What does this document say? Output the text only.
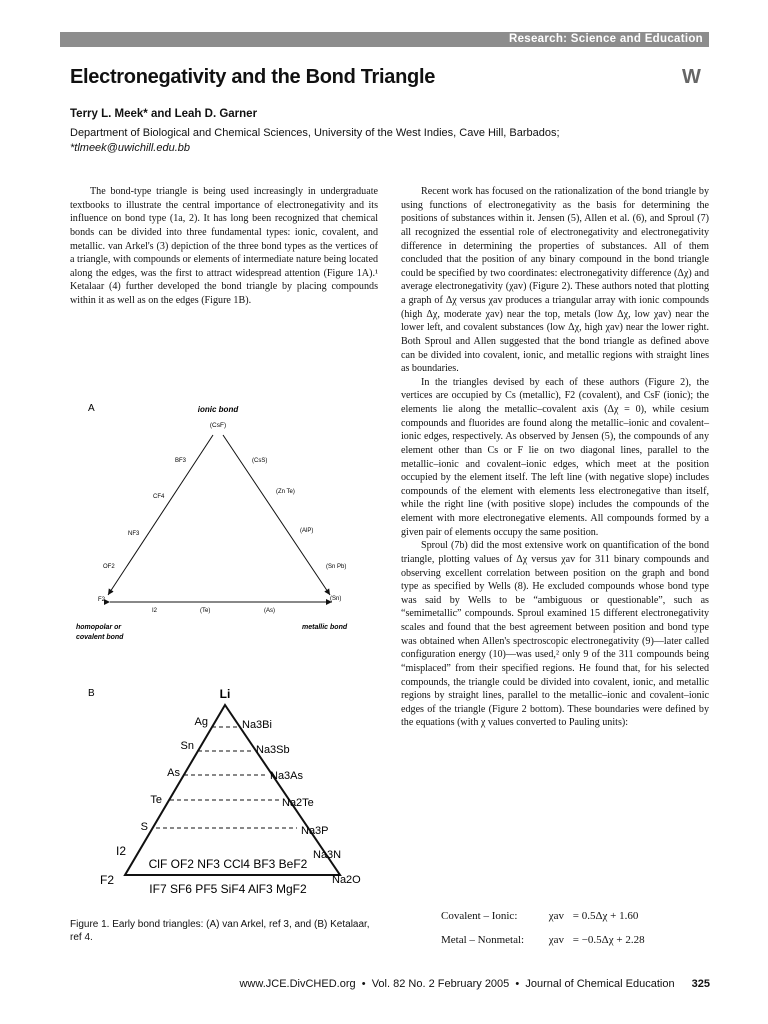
Research: Science and Education
Electronegativity and the Bond Triangle	W
Terry L. Meek* and Leah D. Garner
Department of Biological and Chemical Sciences, University of the West Indies, Cave Hill, Barbados;
*tlmeek@uwichill.edu.bb

The bond-type triangle is being used increasingly in undergraduate textbooks to illustrate the central importance of electronegativity and its influence on bond type (1a, 2). It has long been recognized that chemical bonds can be divided into three fundamental types: ionic, covalent, and metallic. van Arkel's (3) depiction of the three bond types as the vertices of a triangle, with compounds or elements of intermediate nature being located along the edges, was the first to attract widespread attention (Figure 1A).¹ Ketalaar (4) further developed the bond triangle by placing compounds within it as well as on the edges (Figure 1B).

Recent work has focused on the rationalization of the bond triangle by using functions of electronegativity as the basis for determining the positions of substances within it. Jensen (5), Allen et al. (6), and Sproul (7) all recognized the essential role of electronegativity and electronegativity difference in determining the properties of substances. All of them concluded that the position of any binary compound in the bond triangle could be specified by two coordinates: electronegativity difference (Δχ) and average electronegativity (χav) (Figure 2). These authors noted that plotting a graph of Δχ versus χav produces a triangular array with ionic compounds (high Δχ, moderate χav) near the top, metals (low Δχ, low χav) near the lower left, and covalent substances (low Δχ, high χav) near the lower right. Both Sproul and Allen suggested that the bond triangle as defined above can be divided into covalent, ionic, and metallic regions with straight lines as boundaries.

In the triangles devised by each of these authors (Figure 2), the vertices are occupied by Cs (metallic), F2 (covalent), and CsF (ionic); the elements lie along the metallic–covalent axis (Δχ = 0), while cesium compounds and fluorides are found along the metallic–ionic and covalent–ionic edges, respectively. As observed by Jensen (5), the compounds of any element other than Cs or F lie on two diagonal lines, parallel to the metallic–ionic and covalent–ionic edges, which meet at the position occupied by the element itself. The left line (with negative slope) includes compounds of the element with elements less electronegative than itself, while the right line (with positive slope) includes the compounds of the element with more electronegative elements. All compounds formed by a given pair of elements occupy the same position.

Sproul (7b) did the most extensive work on quantification of the bond triangle, plotting values of Δχ versus χav for 311 binary compounds and observing excellent correlation between position on the graph and bond type as specified by Wells (8). He excluded compounds whose bond type was said by Wells to be “ambiguous or questionable”, such as “semimetallic” compounds. Sproul examined 15 different electronegativity scales and found that the best agreement between position and bond type was obtained when Allen's spectroscopic electronegativity (9)—later called configuration energy (10)—was used,² only 9 of the 311 compounds being “misplaced” from their specified regions. He found that, for his selected compounds, the triangle could be divided into covalent, ionic, and metallic regions by straight lines, parallel to the metallic–ionic and covalent–ionic edges of the triangle (Figure 2 bottom). These boundaries were defined by the equations (with χ values converted to Pauling units):

Covalent – Ionic:	χav = 0.5Δχ + 1.60
Metal – Nonmetal: χav = −0.5Δχ + 2.28
A	ionic bond
(CsF)
BF3
CF4
NF3
OF2
F2
(CsS)
(Zn Te)
(AlP)
(Sn Pb)
(Sn)
I2	(Te)	(As)
homopolar or
covalent bond
metallic bond
B	Li
Ag
Sn
As
Te
S
I2
F2
Na3Bi
Na3Sb
Na3As
Na2Te
Na3P
Na3N
Na2O
ClF OF2 NF3 CCl4 BF3 BeF2
IF7 SF6 PF5 SiF4 AlF3 MgF2
Figure 1. Early bond triangles: (A) van Arkel, ref 3, and (B) Ketalaar, ref 4.
www.JCE.DivCHED.org  •  Vol. 82 No. 2 February 2005  •  Journal of Chemical Education 325
